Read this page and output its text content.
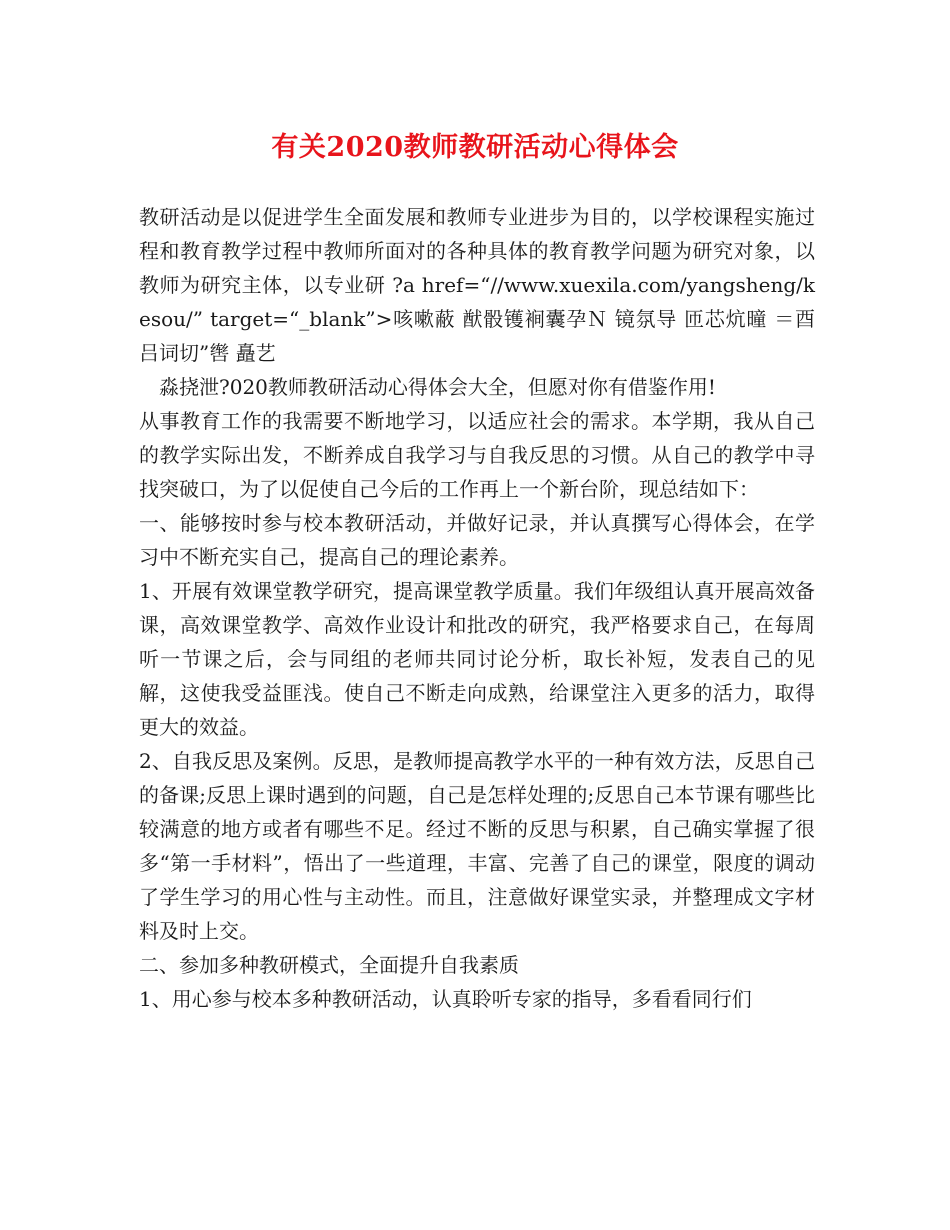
有关2020教师教研活动心得体会

教研活动是以促进学生全面发展和教师专业进步为目的，以学校课程实施过程和教育教学过程中教师所面对的各种具体的教育教学问题为研究对象，以教师为研究主体，以专业研 ?a href=“//www.xuexila.com/yangsheng/kesou/” target=“_blank”>咳嗽蔽 猷骰镬裥囊孕Ｎ 镜氛导 匝芯炕曈 ＝酉吕词切”辔 矗艺

淼挠泄?020教师教研活动心得体会大全，但愿对你有借鉴作用!

从事教育工作的我需要不断地学习，以适应社会的需求。本学期，我从自己的教学实际出发，不断养成自我学习与自我反思的习惯。从自己的教学中寻找突破口，为了以促使自己今后的工作再上一个新台阶，现总结如下：

一、能够按时参与校本教研活动，并做好记录，并认真撰写心得体会，在学习中不断充实自己，提高自己的理论素养。

1、开展有效课堂教学研究，提高课堂教学质量。我们年级组认真开展高效备课，高效课堂教学、高效作业设计和批改的研究，我严格要求自己，在每周听一节课之后，会与同组的老师共同讨论分析，取长补短，发表自己的见解，这使我受益匪浅。使自己不断走向成熟，给课堂注入更多的活力，取得更大的效益。

2、自我反思及案例。反思，是教师提高教学水平的一种有效方法，反思自己的备课;反思上课时遇到的问题，自己是怎样处理的;反思自己本节课有哪些比较满意的地方或者有哪些不足。经过不断的反思与积累，自己确实掌握了很多“第一手材料”，悟出了一些道理，丰富、完善了自己的课堂，限度的调动了学生学习的用心性与主动性。而且，注意做好课堂实录，并整理成文字材料及时上交。

二、参加多种教研模式，全面提升自我素质

1、用心参与校本多种教研活动，认真聆听专家的指导，多看看同行们
